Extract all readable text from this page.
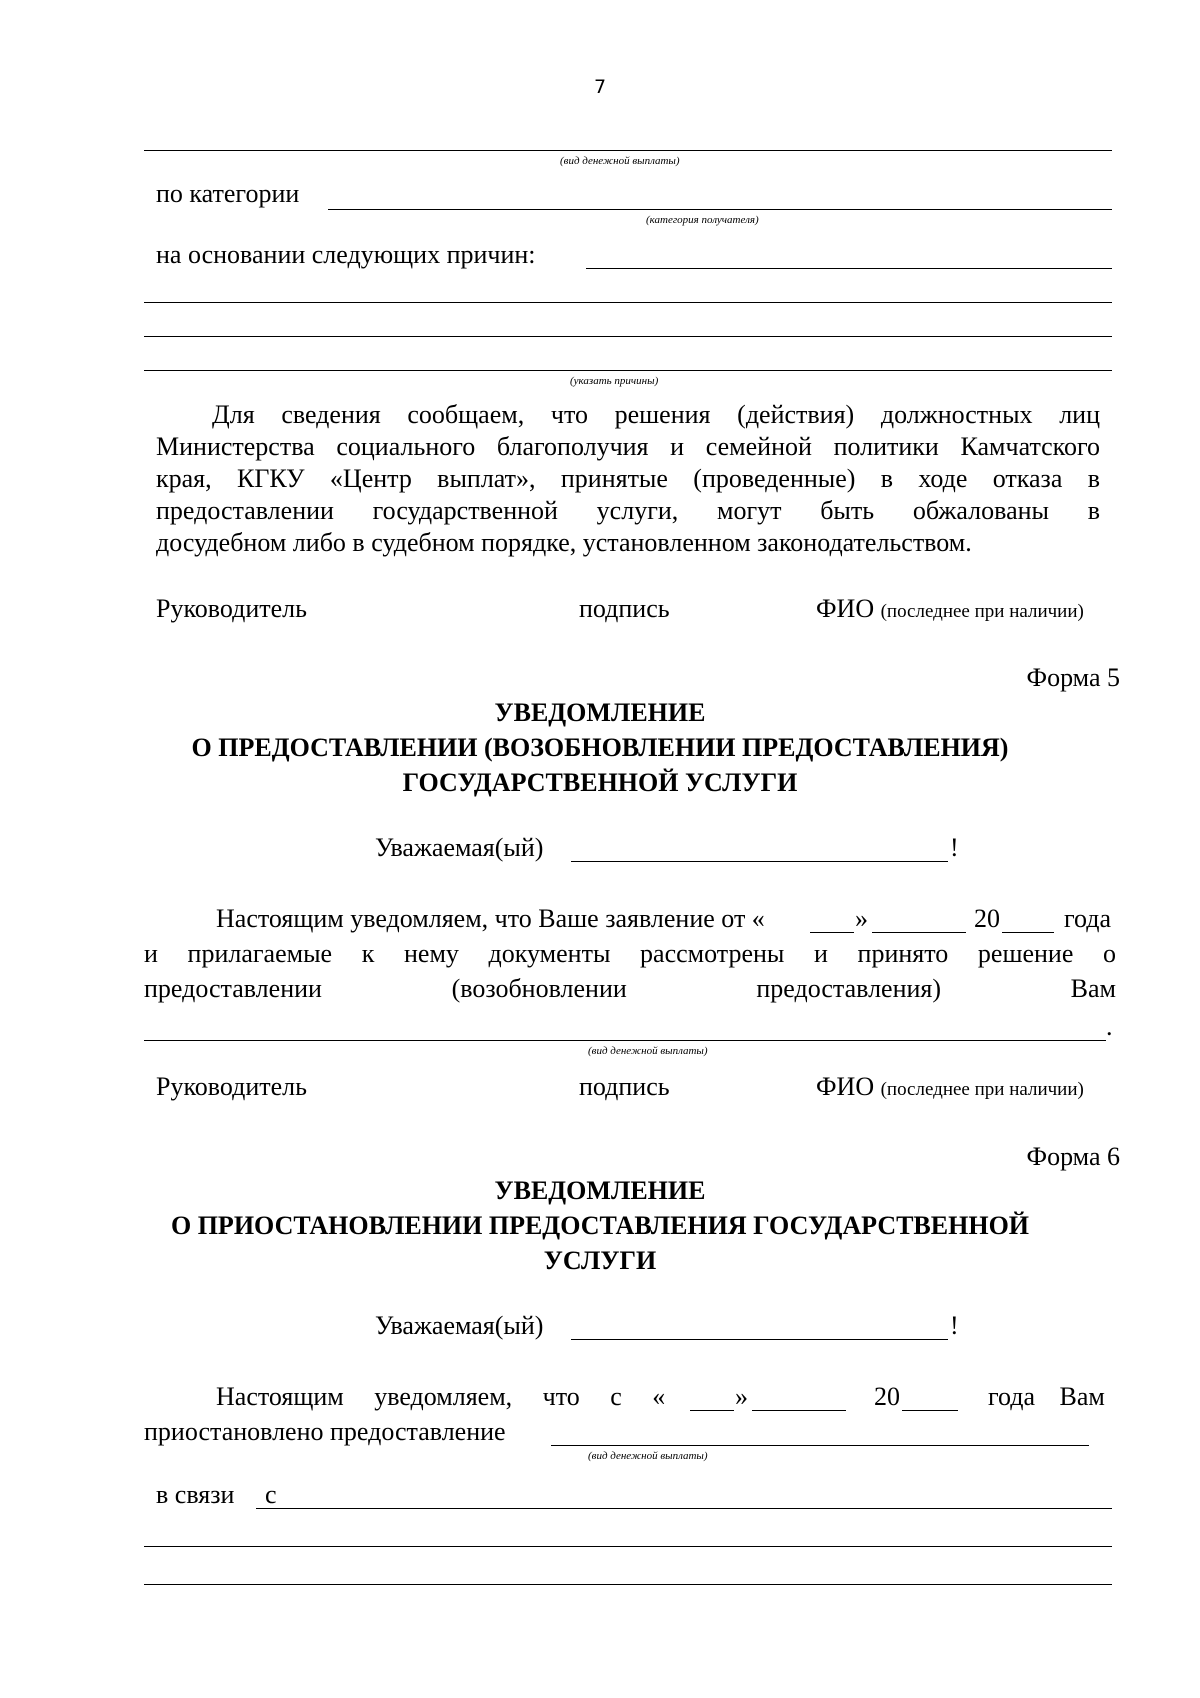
7
(вид денежной выплаты)
по категории
(категория получателя)
на основании следующих причин:
(указать причины)
Для сведения сообщаем, что решения (действия) должностных лиц
Министерства социального благополучия и семейной политики Камчатского
края, КГКУ «Центр выплат», принятые (проведенные) в ходе отказа в
предоставлении государственной услуги, могут быть обжалованы в
досудебном либо в судебном порядке, установленном законодательством.
Руководитель	подпись	ФИО (последнее при наличии)
Форма 5
УВЕДОМЛЕНИЕ
О ПРЕДОСТАВЛЕНИИ (ВОЗОБНОВЛЕНИИ ПРЕДОСТАВЛЕНИЯ)
ГОСУДАРСТВЕННОЙ УСЛУГИ
Уважаемая(ый)	!
Настоящим уведомляем, что Ваше заявление от «	»	20 года
и прилагаемые к нему документы рассмотрены и принято решение о
предоставлении (возобновлении предоставления) Вам
.
(вид денежной выплаты)
Руководитель	подпись	ФИО (последнее при наличии)
Форма 6
УВЕДОМЛЕНИЕ
О ПРИОСТАНОВЛЕНИИ ПРЕДОСТАВЛЕНИЯ ГОСУДАРСТВЕННОЙ
УСЛУГИ
Уважаемая(ый)	!
Настоящим уведомляем, что с «	»	20	года Вам
приостановлено предоставление
(вид денежной выплаты)
в связи с
